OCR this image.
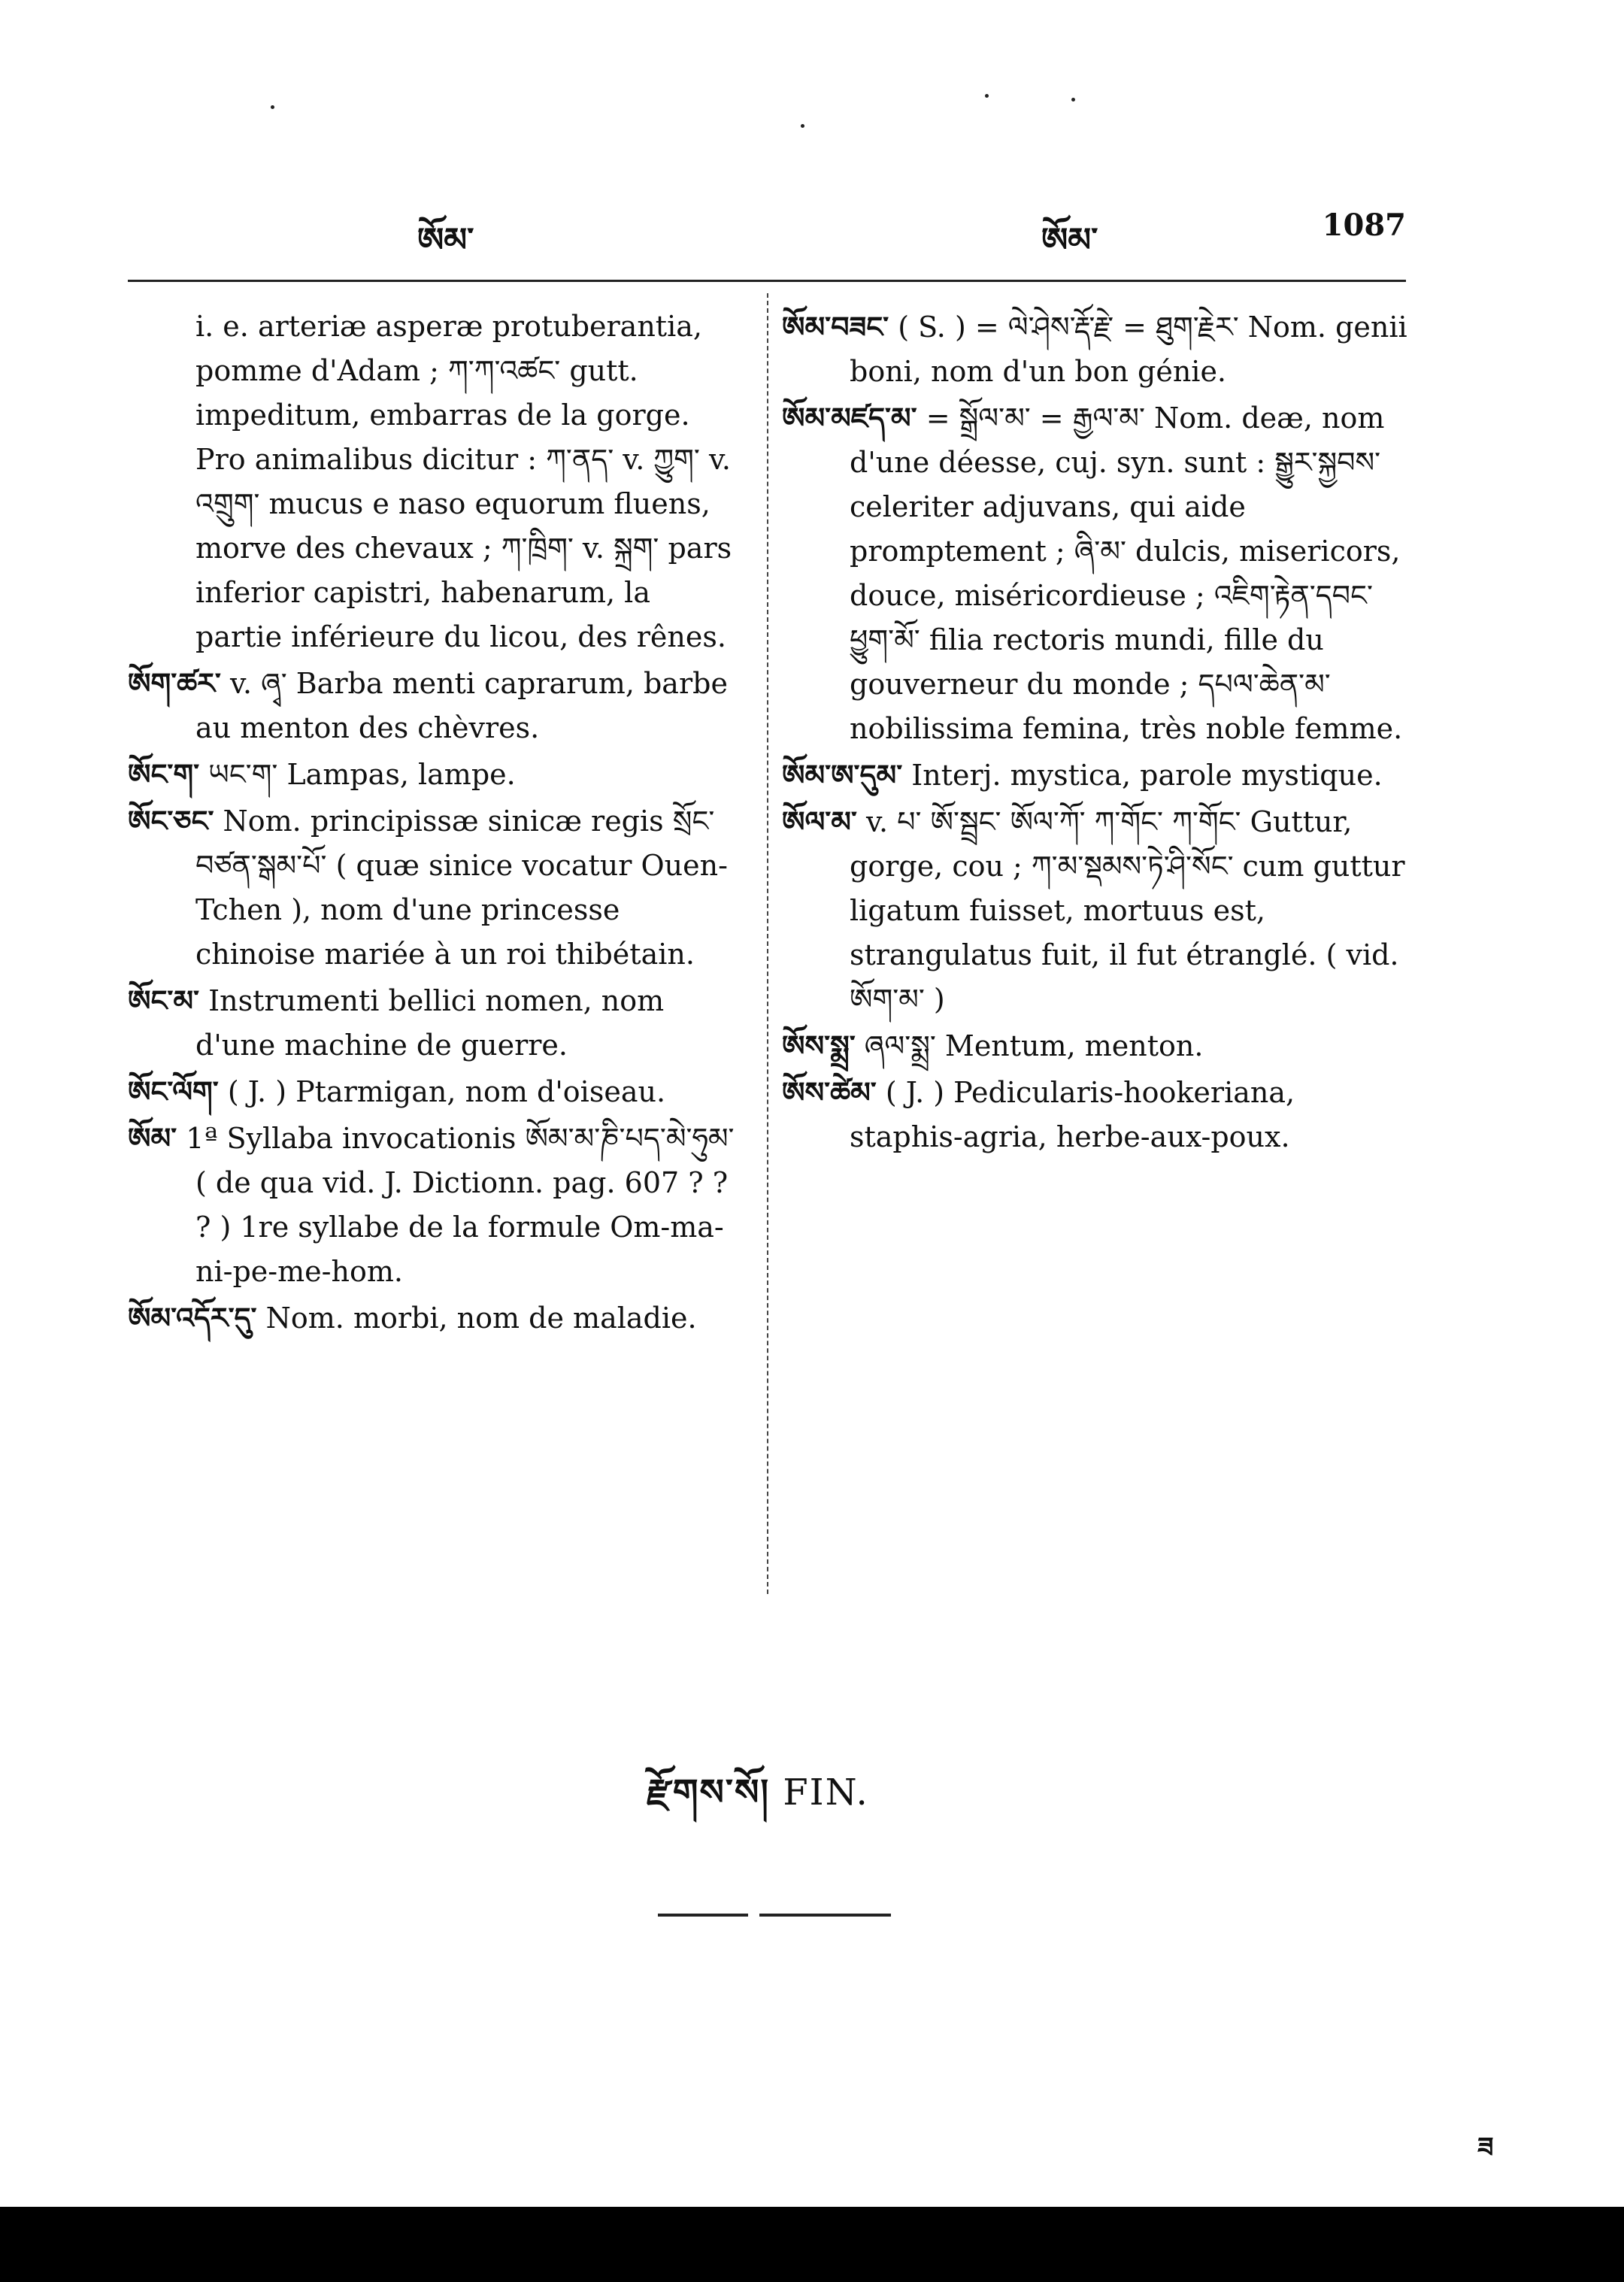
ཨོམ་	ཨོམ་	1087

i. e. arteriæ asperæ protuberantia, pomme d'Adam ; ཀ་ཀ་འཚང་ gutt. impeditum, embarras de la gorge. Pro animalibus dicitur : ཀ་ནད་ v. ཀྱུག་ v. འགྲུག་ mucus e naso equorum fluens, morve des chevaux ; ཀ་ཁྲིག་ v. སྐྲག་ pars inferior capistri, habenarum, la partie inférieure du licou, des rênes.

ཨོག་ཚར་ v. ཞྭ་ Barba menti caprarum, barbe au menton des chèvres.

ཨོང་ག་ ཡང་ག་ Lampas, lampe.

ཨོང་ཅང་ Nom. principissæ sinicæ regis སྲོང་བཙན་སྒམ་པོ་ ( quæ sinice vocatur Ouen-Tchen ), nom d'une princesse chinoise mariée à un roi thibétain.

ཨོང་མ་ Instrumenti bellici nomen, nom d'une machine de guerre.

ཨོང་ལོག་ ( J. ) Ptarmigan, nom d'oiseau.

ཨོམ་ 1ª Syllaba invocationis ཨོམ་མ་ཎི་པད་མེ་ཧུམ་ ( de qua vid. J. Dictionn. pag. 607 ? ? ? ) 1re syllabe de la formule Om-ma-ni-pe-me-hom.

ཨོམ་འདོར་དུ་ Nom. morbi, nom de maladie.

ཨོམ་བཟང་ ( S. ) = ལེ་ཤེས་རྡོ་རྗེ་ = ཐུག་རྗེར་ Nom. genii boni, nom d'un bon génie.

ཨོམ་མཛད་མ་ = སྒྲོལ་མ་ = རྒྱལ་མ་ Nom. deæ, nom d'une déesse, cuj. syn. sunt : སྒྱུར་སྐྱབས་ celeriter adjuvans, qui aide promptement ; ཞི་མ་ dulcis, misericors, douce, miséricordieuse ; འཇིག་རྟེན་དབང་ཕྱུག་མོ་ filia rectoris mundi, fille du gouverneur du monde ; དཔལ་ཆེན་མ་ nobilissima femina, très noble femme.

ཨོམ་ཨ་དུམ་ Interj. mystica, parole mystique.

ཨོལ་མ་ v. པ་ ཨོ་སྦྲང་ ཨོལ་ཀོ་ ཀ་གོང་ ཀ་གོང་ Guttur, gorge, cou ; ཀ་མ་སྡམས་ཏེ་ཤི་སོང་ cum guttur ligatum fuisset, mortuus est, strangulatus fuit, il fut étranglé. ( vid. ཨོག་མ་ )

ཨོས་སྨྲ་ ཞལ་སྨྲ་ Mentum, menton.

ཨོས་ཚེམ་ ( J. ) Pedicularis-hookeriana, staphis-agria, herbe-aux-poux.

རྫོགས་སོ། FIN.
ཟ
